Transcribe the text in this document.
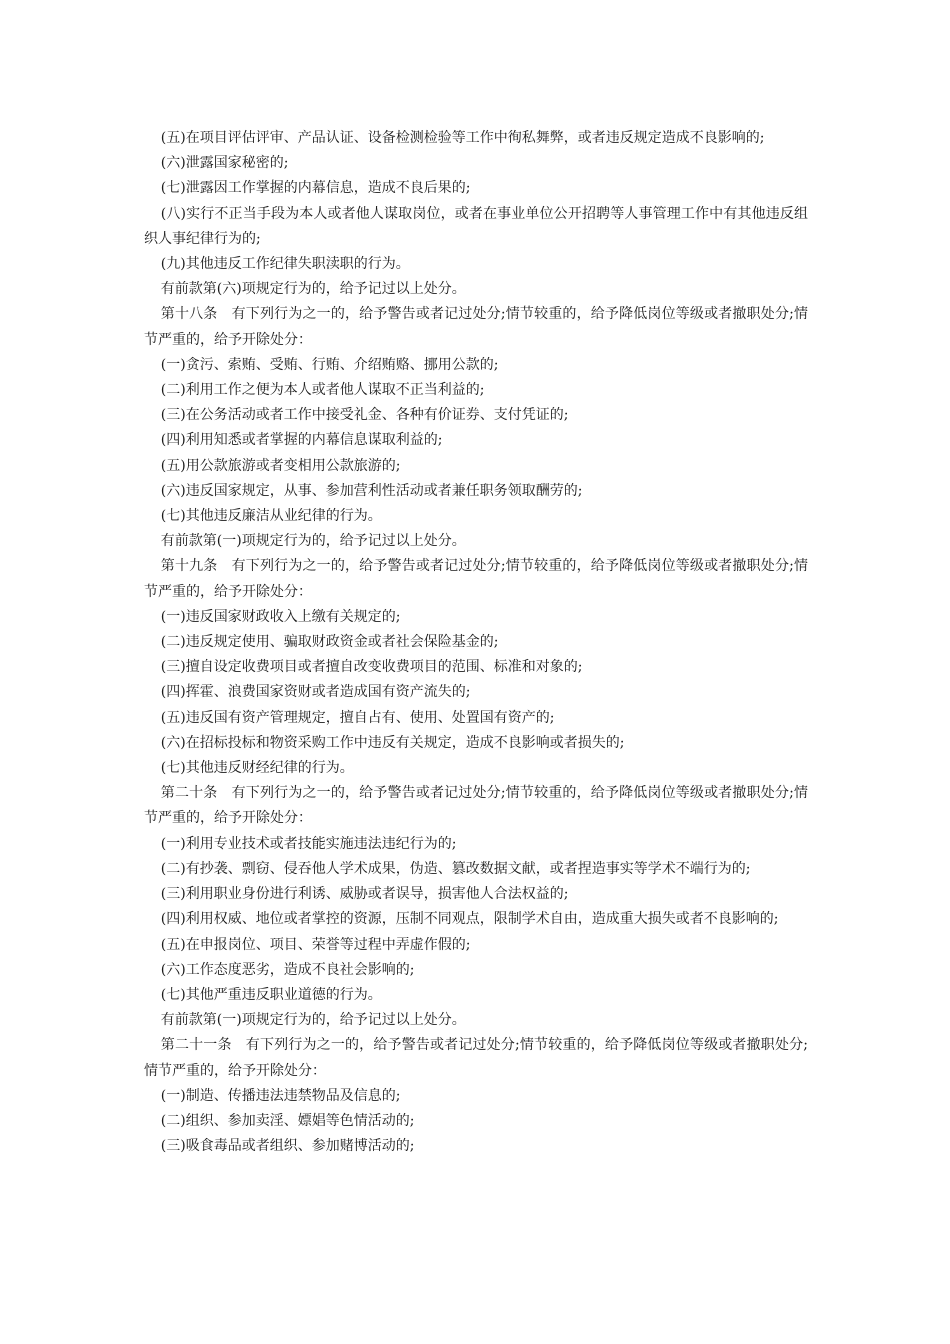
(五)在项目评估评审、产品认证、设备检测检验等工作中徇私舞弊，或者违反规定造成不良影响的;

(六)泄露国家秘密的;

(七)泄露因工作掌握的内幕信息，造成不良后果的;

(八)实行不正当手段为本人或者他人谋取岗位，或者在事业单位公开招聘等人事管理工作中有其他违反组织人事纪律行为的;

(九)其他违反工作纪律失职渎职的行为。

有前款第(六)项规定行为的，给予记过以上处分。

第十八条　有下列行为之一的，给予警告或者记过处分;情节较重的，给予降低岗位等级或者撤职处分;情节严重的，给予开除处分：

(一)贪污、索贿、受贿、行贿、介绍贿赂、挪用公款的;

(二)利用工作之便为本人或者他人谋取不正当利益的;

(三)在公务活动或者工作中接受礼金、各种有价证券、支付凭证的;

(四)利用知悉或者掌握的内幕信息谋取利益的;

(五)用公款旅游或者变相用公款旅游的;

(六)违反国家规定，从事、参加营利性活动或者兼任职务领取酬劳的;

(七)其他违反廉洁从业纪律的行为。

有前款第(一)项规定行为的，给予记过以上处分。

第十九条　有下列行为之一的，给予警告或者记过处分;情节较重的，给予降低岗位等级或者撤职处分;情节严重的，给予开除处分：

(一)违反国家财政收入上缴有关规定的;

(二)违反规定使用、骗取财政资金或者社会保险基金的;

(三)擅自设定收费项目或者擅自改变收费项目的范围、标准和对象的;

(四)挥霍、浪费国家资财或者造成国有资产流失的;

(五)违反国有资产管理规定，擅自占有、使用、处置国有资产的;

(六)在招标投标和物资采购工作中违反有关规定，造成不良影响或者损失的;

(七)其他违反财经纪律的行为。

第二十条　有下列行为之一的，给予警告或者记过处分;情节较重的，给予降低岗位等级或者撤职处分;情节严重的，给予开除处分：

(一)利用专业技术或者技能实施违法违纪行为的;

(二)有抄袭、剽窃、侵吞他人学术成果，伪造、篡改数据文献，或者捏造事实等学术不端行为的;

(三)利用职业身份进行利诱、威胁或者误导，损害他人合法权益的;

(四)利用权威、地位或者掌控的资源，压制不同观点，限制学术自由，造成重大损失或者不良影响的;

(五)在申报岗位、项目、荣誉等过程中弄虚作假的;

(六)工作态度恶劣，造成不良社会影响的;

(七)其他严重违反职业道德的行为。

有前款第(一)项规定行为的，给予记过以上处分。

第二十一条　有下列行为之一的，给予警告或者记过处分;情节较重的，给予降低岗位等级或者撤职处分;情节严重的，给予开除处分：

(一)制造、传播违法违禁物品及信息的;

(二)组织、参加卖淫、嫖娼等色情活动的;

(三)吸食毒品或者组织、参加赌博活动的;
